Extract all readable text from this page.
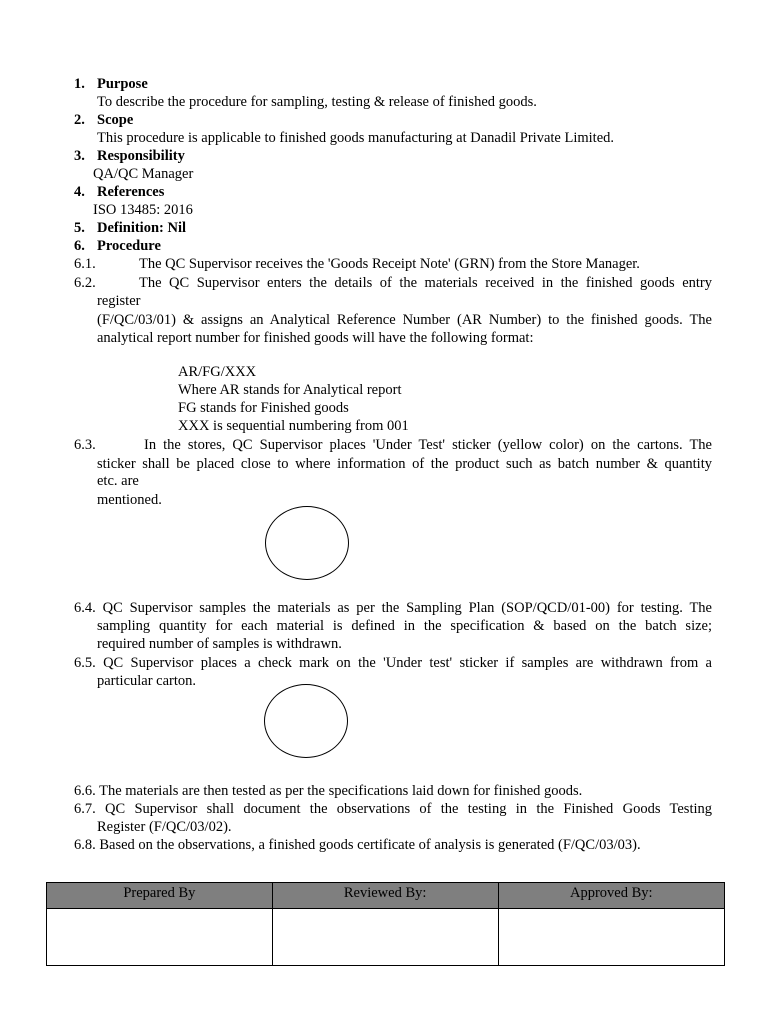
1. Purpose
To describe the procedure for sampling, testing & release of finished goods.
2. Scope
This procedure is applicable to finished goods manufacturing at Danadil Private Limited.
3. Responsibility
QA/QC Manager
4. References
ISO 13485: 2016
5. Definition: Nil
6. Procedure
6.1.	The QC Supervisor receives the 'Goods Receipt Note' (GRN) from the Store Manager.
6.2.	The QC Supervisor enters the details of the materials received in the finished goods entry
register
(F/QC/03/01) & assigns an Analytical Reference Number (AR Number) to the finished goods. The
analytical report number for finished goods will have the following format:
AR/FG/XXX
Where AR stands for Analytical report
FG stands for Finished goods
XXX is sequential numbering from 001
6.3.	In the stores, QC Supervisor places 'Under Test' sticker (yellow color) on the cartons. The
sticker shall be placed close to where information of the product such as batch number & quantity
etc. are
mentioned.
6.4. QC Supervisor samples the materials as per the Sampling Plan (SOP/QCD/01-00) for testing. The
sampling quantity for each material is defined in the specification & based on the batch size;
required number of samples is withdrawn.
6.5. QC Supervisor places a check mark on the 'Under test' sticker if samples are withdrawn from a
particular carton.
6.6. The materials are then tested as per the specifications laid down for finished goods.
6.7. QC Supervisor shall document the observations of the testing in the Finished Goods Testing
Register (F/QC/03/02).
6.8. Based on the observations, a finished goods certificate of analysis is generated (F/QC/03/03).
Prepared By	Reviewed By:	Approved By:
